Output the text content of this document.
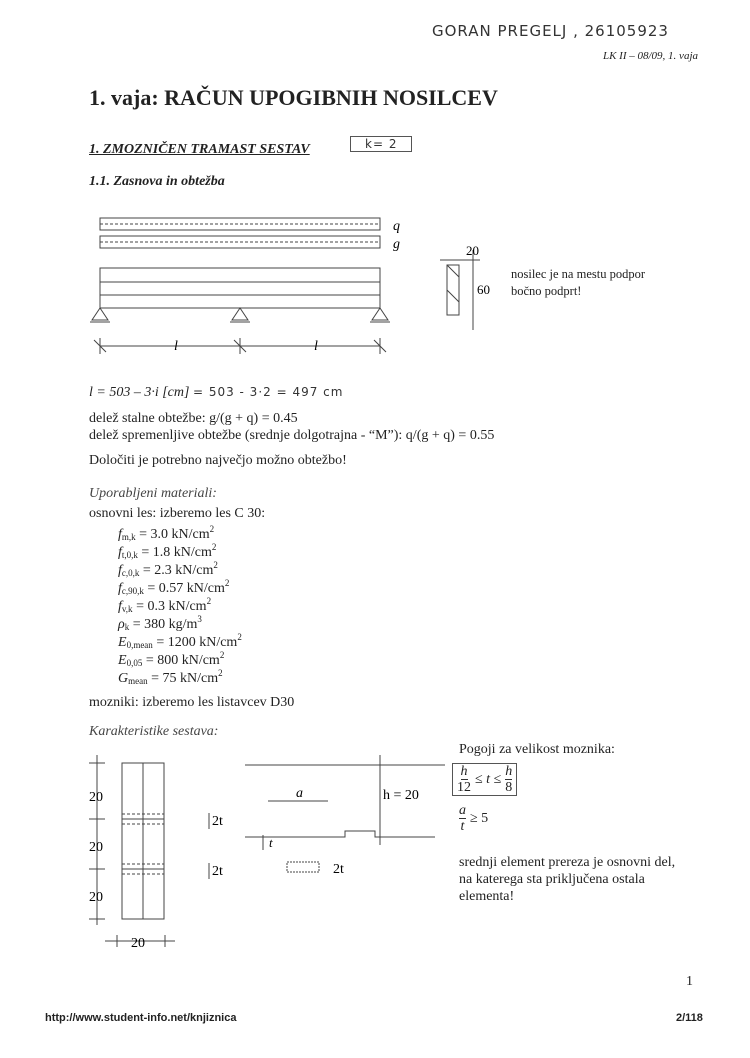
GORAN PREGELJ , 26105923
LK II – 08/09, 1. vaja
1. vaja: RAČUN UPOGIBNIH NOSILCEV
1. ZMOZNIČEN TRAMAST SESTAV	k= 2
1.1. Zasnova in obtežba
q
g
l	l
20
60
nosilec je na mestu podpor
bočno podprt!
l = 503 – 3·i [cm] = 503 - 3·2 = 497 cm
delež stalne obtežbe: g/(g + q) = 0.45
delež spremenljive obtežbe (srednje dolgotrajna - “M”): q/(g + q) = 0.55
Določiti je potrebno največjo možno obtežbo!
Uporabljeni materiali:
osnovni les: izberemo les C 30:
$f_{m,k} = 3.0$ $kN/cm^2$
$f_{t,0,k} = 1.8$ $kN/cm^2$
$f_{c,0,k} = 2.3$ $kN/cm^2$
$f_{c,90,k} = 0.57$ $kN/cm^2$
$f_{v,k} = 0.3$ $kN/cm^2$
$\rho_k = 380$ $kg/m^3$
$E_{0,mean} = 1200$ $kN/cm^2$
$E_{0,05} = 800$ $kN/cm^2$
$G_{mean} = 75$ $kN/cm^2$
mozniki: izberemo les listavcev D30
Karakteristike sestava:
20
20
20
20
2t
2t
a
t
2t
h = 20
Pogoji za velikost moznika:
$\frac{h}{12} \le t \le \frac{h}{8}$
$\frac{a}{t} \ge 5$
srednji element prereza je osnovni del,
na katerega sta priključena ostala
elementa!
1
http://www.student-info.net/knjiznica	2/118
